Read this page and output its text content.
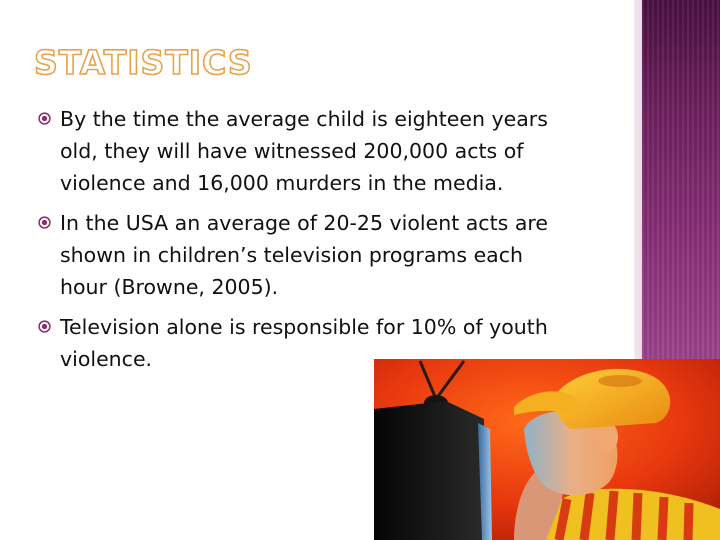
STATISTICS
By the time the average child is eighteen years old, they will have witnessed 200,000 acts of violence and 16,000 murders in the media.
In the USA an average of 20-25 violent acts are shown in children’s television programs each hour (Browne, 2005).
Television alone is responsible for 10% of youth violence.
